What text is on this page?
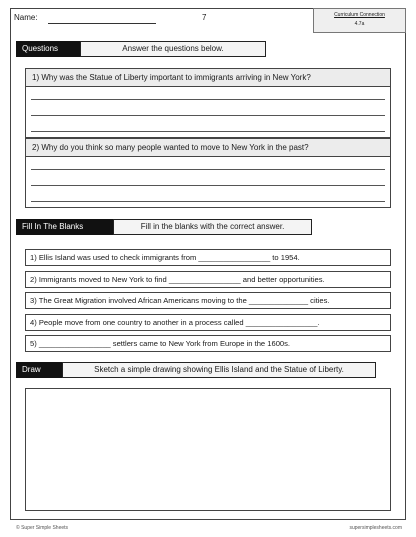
Name:	7	Curriculum Connection
4.7a
Questions	Answer the questions below.
1) Why was the Statue of Liberty important to immigrants arriving in New York?
2) Why do you think so many people wanted to move to New York in the past?
Fill In The Blanks	Fill in the blanks with the correct answer.
1) Ellis Island was used to check immigrants from _________________ to 1954.
2) Immigrants moved to New York to find _________________ and better opportunities.
3) The Great Migration involved African Americans moving to the ______________ cities.
4) People move from one country to another in a process called _________________.
5) _________________ settlers came to New York from Europe in the 1600s.
Draw	Sketch a simple drawing showing Ellis Island and the Statue of Liberty.
© Super Simple Sheets	supersimplesheets.com
